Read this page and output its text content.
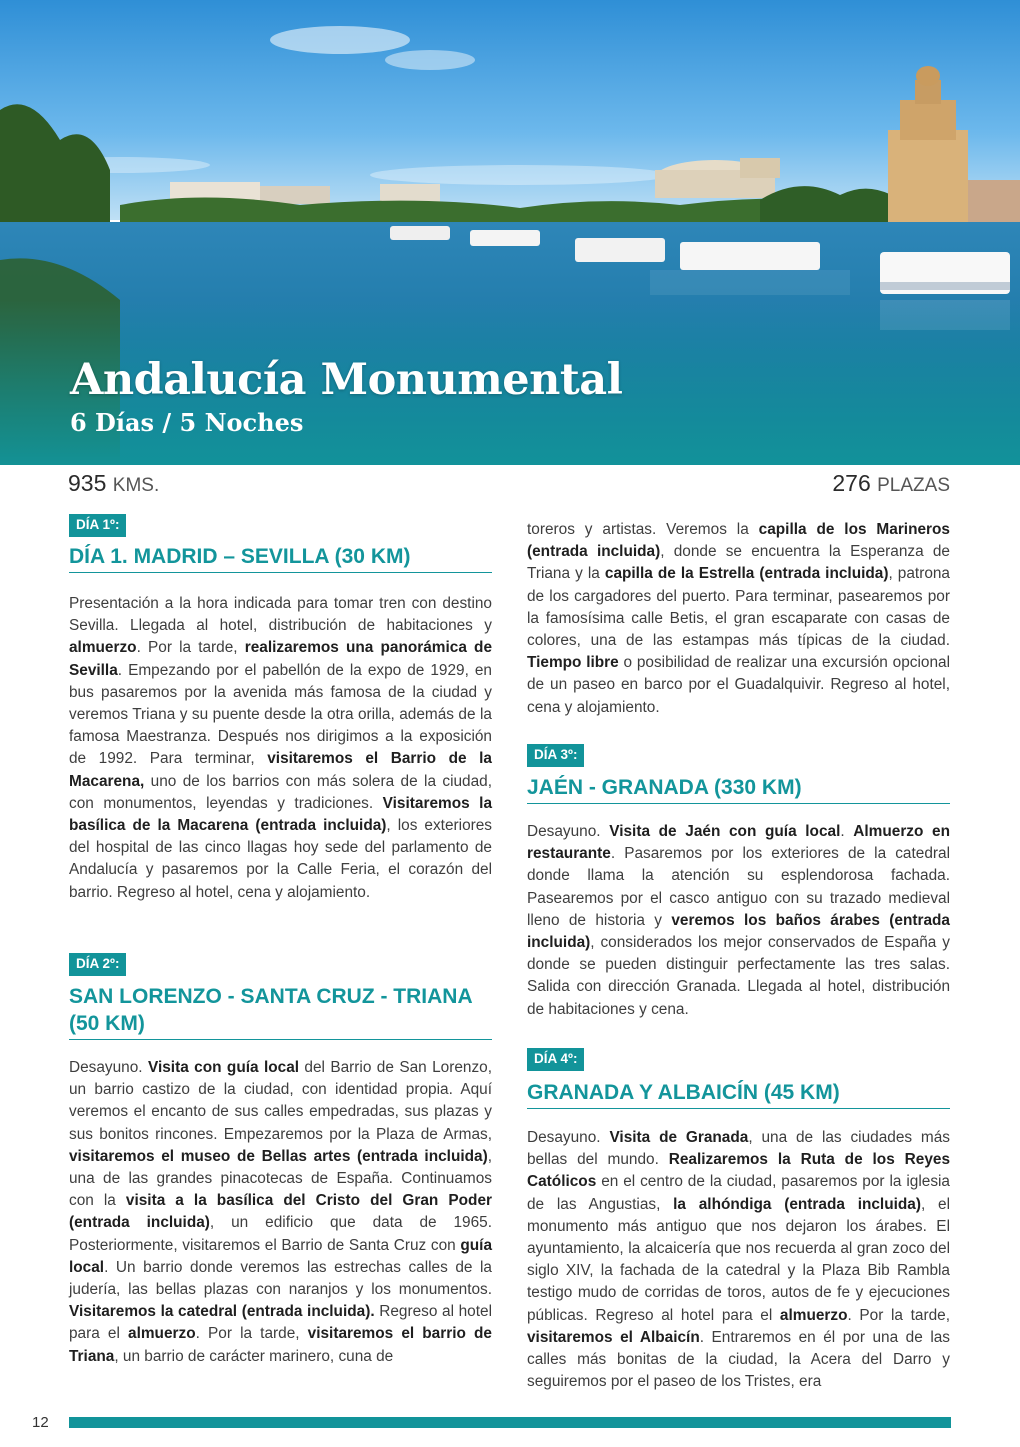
Andalucía Monumental
6 Días / 5 Noches
935 KMS.	276 PLAZAS
DÍA 1º:
DÍA 1. MADRID – SEVILLA (30 KM)
Presentación a la hora indicada para tomar tren con destino Sevilla. Llegada al hotel, distribución de habitaciones y almuerzo. Por la tarde, realizaremos una panorámica de Sevilla. Empezando por el pabellón de la expo de 1929, en bus pasaremos por la avenida más famosa de la ciudad y veremos Triana y su puente desde la otra orilla, además de la famosa Maestranza. Después nos dirigimos a la exposición de 1992. Para terminar, visitaremos el Barrio de la Macarena, uno de los barrios con más solera de la ciudad, con monumentos, leyendas y tradiciones. Visitaremos la basílica de la Macarena (entrada incluida), los exteriores del hospital de las cinco llagas hoy sede del parlamento de Andalucía y pasaremos por la Calle Feria, el corazón del barrio. Regreso al hotel, cena y alojamiento.
DÍA 2º:
SAN LORENZO - SANTA CRUZ - TRIANA (50 KM)
Desayuno. Visita con guía local del Barrio de San Lorenzo, un barrio castizo de la ciudad, con identidad propia. Aquí veremos el encanto de sus calles empedradas, sus plazas y sus bonitos rincones. Empezaremos por la Plaza de Armas, visitaremos el museo de Bellas artes (entrada incluida), una de las grandes pinacotecas de España. Continuamos con la visita a la basílica del Cristo del Gran Poder (entrada incluida), un edificio que data de 1965. Posteriormente, visitaremos el Barrio de Santa Cruz con guía local. Un barrio donde veremos las estrechas calles de la judería, las bellas plazas con naranjos y los monumentos. Visitaremos la catedral (entrada incluida). Regreso al hotel para el almuerzo. Por la tarde, visitaremos el barrio de Triana, un barrio de carácter marinero, cuna de
toreros y artistas. Veremos la capilla de los Marineros (entrada incluida), donde se encuentra la Esperanza de Triana y la capilla de la Estrella (entrada incluida), patrona de los cargadores del puerto. Para terminar, pasearemos por la famosísima calle Betis, el gran escaparate con casas de colores, una de las estampas más típicas de la ciudad. Tiempo libre o posibilidad de realizar una excursión opcional de un paseo en barco por el Guadalquivir. Regreso al hotel, cena y alojamiento.
DÍA 3º:
JAÉN - GRANADA (330 KM)
Desayuno. Visita de Jaén con guía local. Almuerzo en restaurante. Pasaremos por los exteriores de la catedral donde llama la atención su esplendorosa fachada. Pasearemos por el casco antiguo con su trazado medieval lleno de historia y veremos los baños árabes (entrada incluida), considerados los mejor conservados de España y donde se pueden distinguir perfectamente las tres salas. Salida con dirección Granada. Llegada al hotel, distribución de habitaciones y cena.
DÍA 4º:
GRANADA Y ALBAICÍN (45 KM)
Desayuno. Visita de Granada, una de las ciudades más bellas del mundo. Realizaremos la Ruta de los Reyes Católicos en el centro de la ciudad, pasaremos por la iglesia de las Angustias, la alhóndiga (entrada incluida), el monumento más antiguo que nos dejaron los árabes. El ayuntamiento, la alcaicería que nos recuerda al gran zoco del siglo XIV, la fachada de la catedral y la Plaza Bib Rambla testigo mudo de corridas de toros, autos de fe y ejecuciones públicas. Regreso al hotel para el almuerzo. Por la tarde, visitaremos el Albaicín. Entraremos en él por una de las calles más bonitas de la ciudad, la Acera del Darro y seguiremos por el paseo de los Tristes, era
12
